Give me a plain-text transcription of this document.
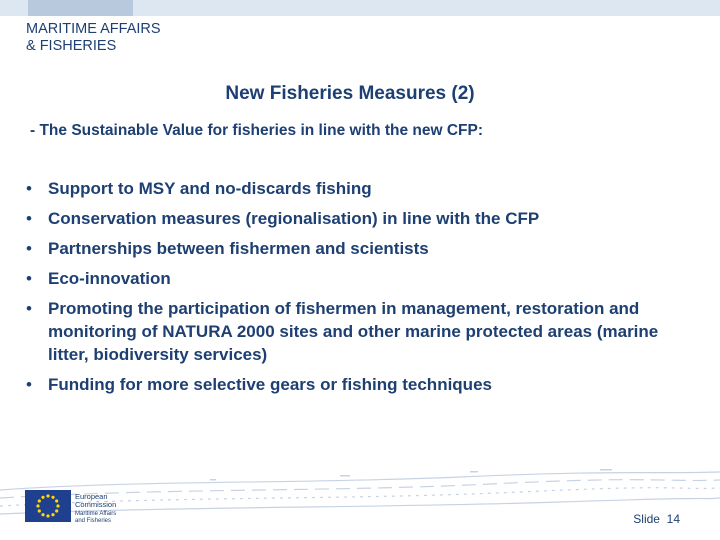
MARITIME AFFAIRS
& FISHERIES
New Fisheries Measures (2)
- The Sustainable Value for fisheries in line with the new CFP:
• Support to MSY and no-discards fishing
• Conservation measures (regionalisation) in line with the CFP
• Partnerships between fishermen and scientists
• Eco-innovation
• Promoting the participation of fishermen in management, restoration and monitoring of NATURA 2000 sites and other marine protected areas (marine litter, biodiversity services)
• Funding for more selective gears or fishing techniques
European
Commission
Maritime Affairs
and Fisheries	Slide 14
